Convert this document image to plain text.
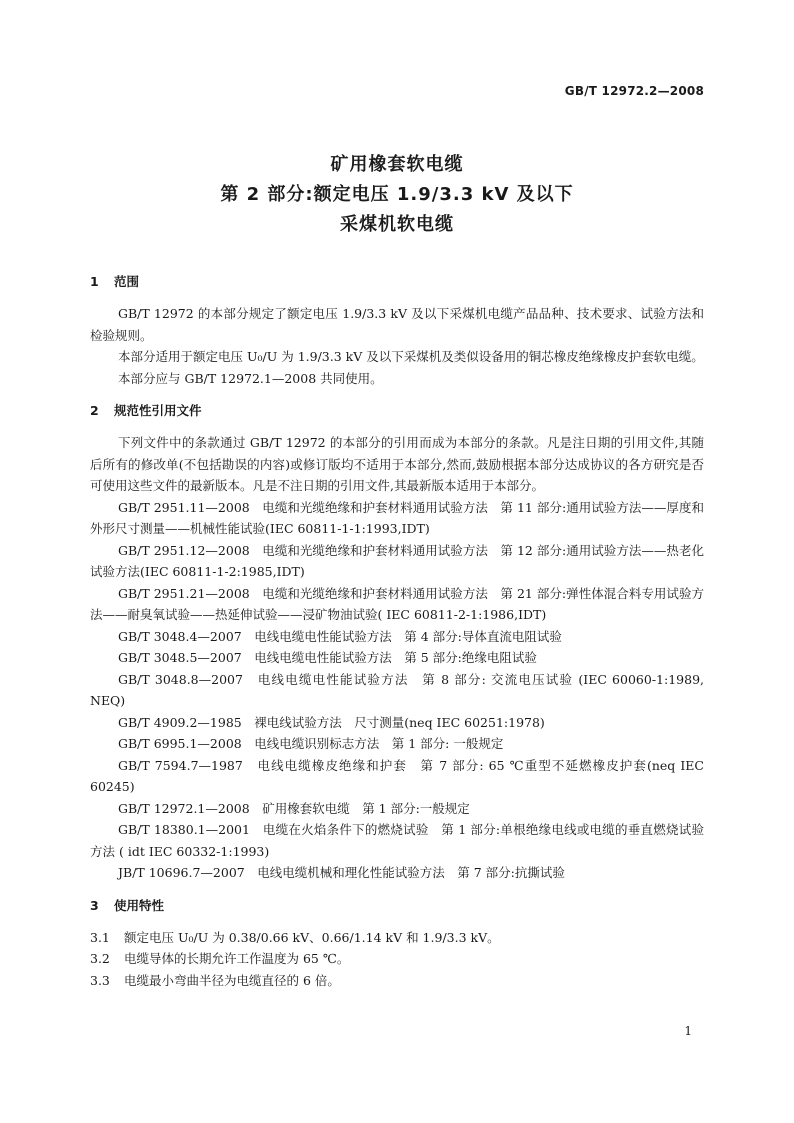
GB/T 12972.2—2008
矿用橡套软电缆
第 2 部分:额定电压 1.9/3.3 kV 及以下
采煤机软电缆
1 范围

GB/T 12972 的本部分规定了额定电压 1.9/3.3 kV 及以下采煤机电缆产品品种、技术要求、试验方法和检验规则。

本部分适用于额定电压 U₀/U 为 1.9/3.3 kV 及以下采煤机及类似设备用的铜芯橡皮绝缘橡皮护套软电缆。

本部分应与 GB/T 12972.1—2008 共同使用。

2 规范性引用文件

下列文件中的条款通过 GB/T 12972 的本部分的引用而成为本部分的条款。凡是注日期的引用文件,其随后所有的修改单(不包括勘误的内容)或修订版均不适用于本部分,然而,鼓励根据本部分达成协议的各方研究是否可使用这些文件的最新版本。凡是不注日期的引用文件,其最新版本适用于本部分。

GB/T 2951.11—2008　电缆和光缆绝缘和护套材料通用试验方法　第 11 部分:通用试验方法——厚度和外形尺寸测量——机械性能试验(IEC 60811-1-1:1993,IDT)
GB/T 2951.12—2008　电缆和光缆绝缘和护套材料通用试验方法　第 12 部分:通用试验方法——热老化试验方法(IEC 60811-1-2:1985,IDT)
GB/T 2951.21—2008　电缆和光缆绝缘和护套材料通用试验方法　第 21 部分:弹性体混合料专用试验方法——耐臭氧试验——热延伸试验——浸矿物油试验( IEC 60811-2-1:1986,IDT)
GB/T 3048.4—2007　电线电缆电性能试验方法　第 4 部分:导体直流电阻试验
GB/T 3048.5—2007　电线电缆电性能试验方法　第 5 部分:绝缘电阻试验
GB/T 3048.8—2007　电线电缆电性能试验方法　第 8 部分: 交流电压试验 (IEC 60060-1:1989, NEQ)
GB/T 4909.2—1985　裸电线试验方法　尺寸测量(neq IEC 60251:1978)
GB/T 6995.1—2008　电线电缆识别标志方法　第 1 部分: 一般规定
GB/T 7594.7—1987　电线电缆橡皮绝缘和护套　第 7 部分: 65 ℃重型不延燃橡皮护套(neq IEC 60245)
GB/T 12972.1—2008　矿用橡套软电缆　第 1 部分:一般规定
GB/T 18380.1—2001　电缆在火焰条件下的燃烧试验　第 1 部分:单根绝缘电线或电缆的垂直燃烧试验方法 ( idt IEC 60332-1:1993)
JB/T 10696.7—2007　电线电缆机械和理化性能试验方法　第 7 部分:抗撕试验
3 使用特性
3.1 额定电压 U₀/U 为 0.38/0.66 kV、0.66/1.14 kV 和 1.9/3.3 kV。
3.2 电缆导体的长期允许工作温度为 65 ℃。
3.3 电缆最小弯曲半径为电缆直径的 6 倍。
1
